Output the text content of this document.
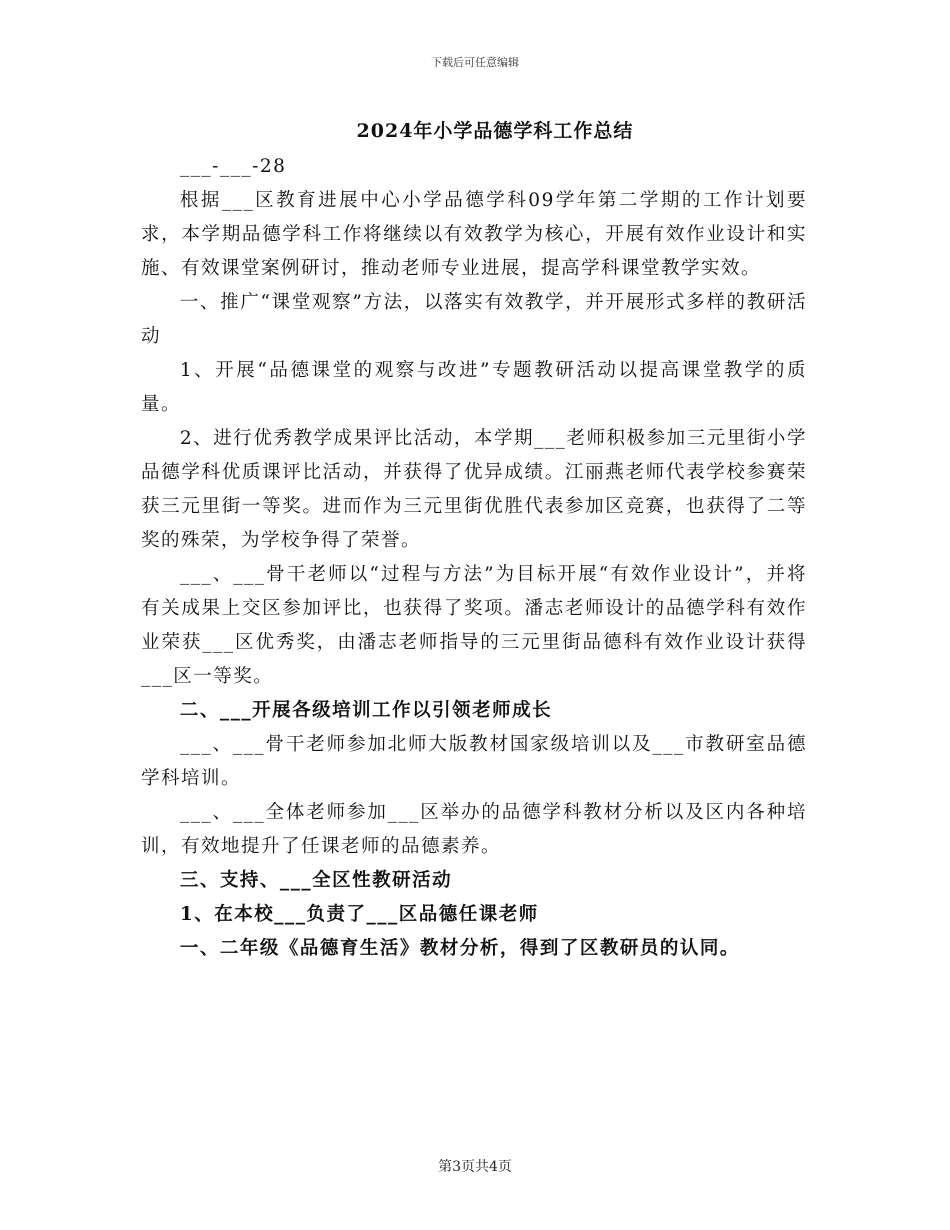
下载后可任意编辑
2024年小学品德学科工作总结

___-___-28

根据___区教育进展中心小学品德学科09学年第二学期的工作计划要求，本学期品德学科工作将继续以有效教学为核心，开展有效作业设计和实施、有效课堂案例研讨，推动老师专业进展，提高学科课堂教学实效。

一、推广“课堂观察”方法，以落实有效教学，并开展形式多样的教研活动

1、开展“品德课堂的观察与改进”专题教研活动以提高课堂教学的质量。

2、进行优秀教学成果评比活动，本学期___老师积极参加三元里街小学品德学科优质课评比活动，并获得了优异成绩。江丽燕老师代表学校参赛荣获三元里街一等奖。进而作为三元里街优胜代表参加区竞赛，也获得了二等奖的殊荣，为学校争得了荣誉。

___、___骨干老师以“过程与方法”为目标开展“有效作业设计”，并将有关成果上交区参加评比，也获得了奖项。潘志老师设计的品德学科有效作业荣获___区优秀奖，由潘志老师指导的三元里街品德科有效作业设计获得___区一等奖。

二、___开展各级培训工作以引领老师成长

___、___骨干老师参加北师大版教材国家级培训以及___市教研室品德学科培训。

___、___全体老师参加___区举办的品德学科教材分析以及区内各种培训，有效地提升了任课老师的品德素养。

三、支持、___全区性教研活动

1、在本校___负责了___区品德任课老师

一、二年级《品德育生活》教材分析，得到了区教研员的认同。

第3页共4页
